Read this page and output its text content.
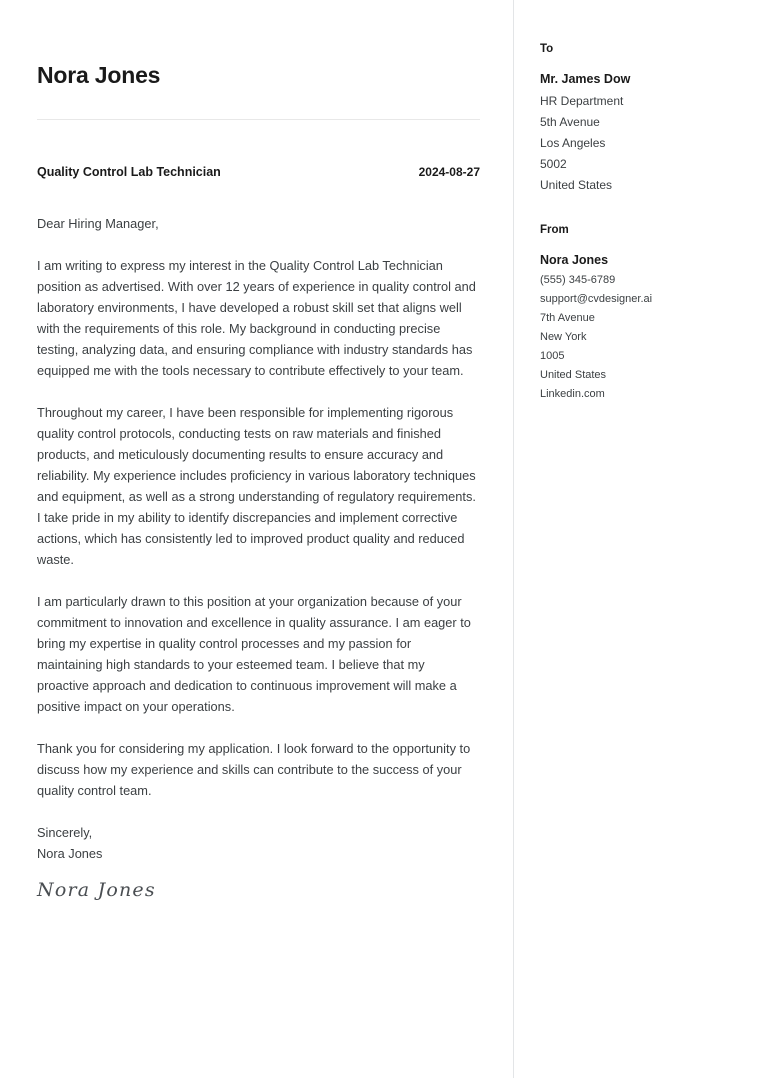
Nora Jones
Quality Control Lab Technician	2024-08-27
Dear Hiring Manager,
I am writing to express my interest in the Quality Control Lab Technician position as advertised. With over 12 years of experience in quality control and laboratory environments, I have developed a robust skill set that aligns well with the requirements of this role. My background in conducting precise testing, analyzing data, and ensuring compliance with industry standards has equipped me with the tools necessary to contribute effectively to your team.
Throughout my career, I have been responsible for implementing rigorous quality control protocols, conducting tests on raw materials and finished products, and meticulously documenting results to ensure accuracy and reliability. My experience includes proficiency in various laboratory techniques and equipment, as well as a strong understanding of regulatory requirements. I take pride in my ability to identify discrepancies and implement corrective actions, which has consistently led to improved product quality and reduced waste.
I am particularly drawn to this position at your organization because of your commitment to innovation and excellence in quality assurance. I am eager to bring my expertise in quality control processes and my passion for maintaining high standards to your esteemed team. I believe that my proactive approach and dedication to continuous improvement will make a positive impact on your operations.
Thank you for considering my application. I look forward to the opportunity to discuss how my experience and skills can contribute to the success of your quality control team.
Sincerely,
Nora Jones
Nora Jones
To
Mr. James Dow
HR Department
5th Avenue
Los Angeles
5002
United States
From
Nora Jones
(555) 345-6789
support@cvdesigner.ai
7th Avenue
New York
1005
United States
Linkedin.com
